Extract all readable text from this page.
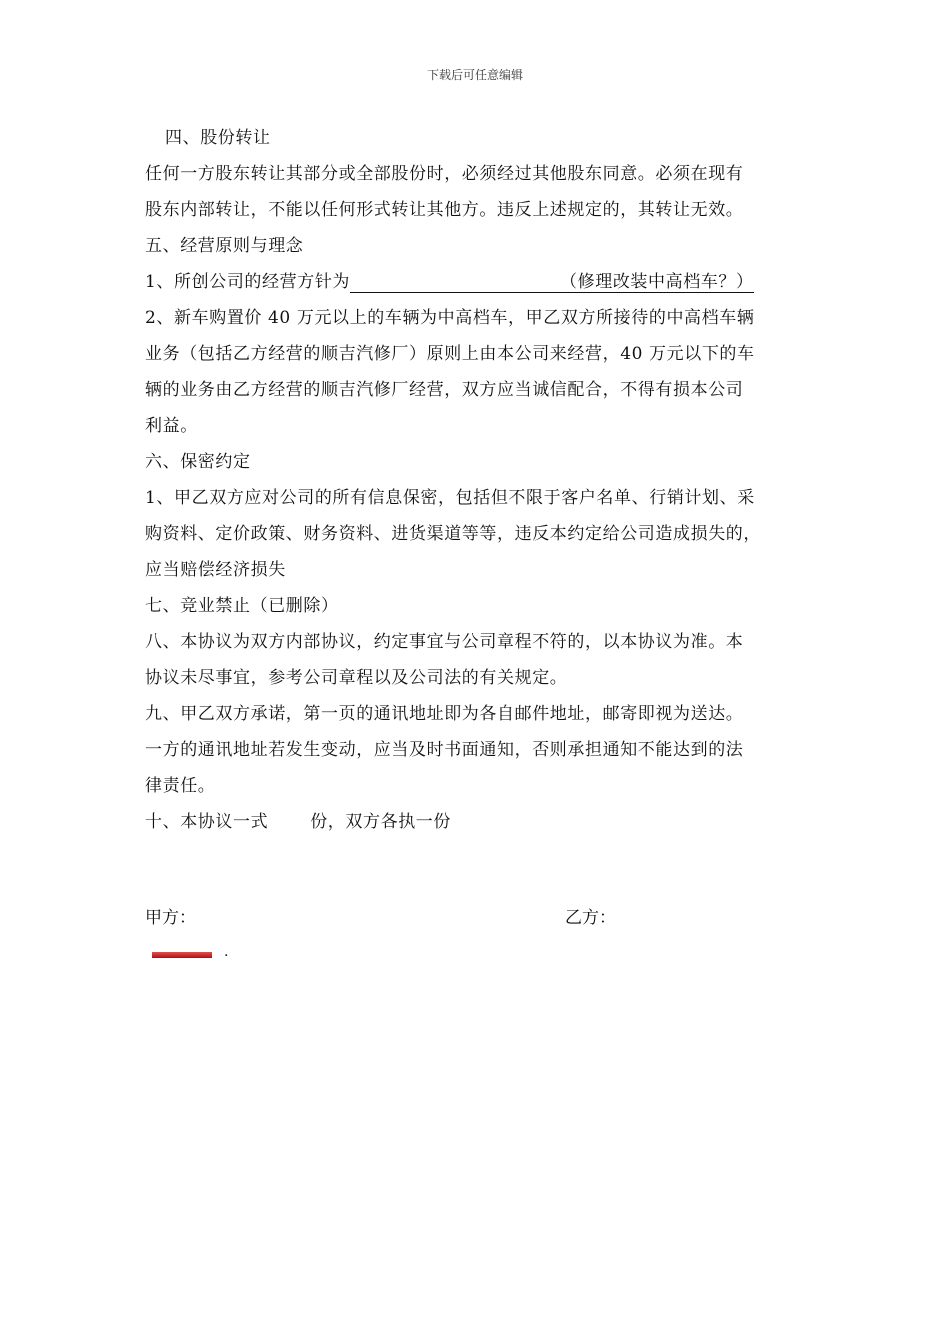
下载后可任意编辑
四、股份转让
任何一方股东转让其部分或全部股份时，必须经过其他股东同意。必须在现有
股东内部转让，不能以任何形式转让其他方。违反上述规定的，其转让无效。
五、经营原则与理念
1、所创公司的经营方针为	（修理改装中高档车？）
2、新车购置价 40 万元以上的车辆为中高档车，甲乙双方所接待的中高档车辆
业务（包括乙方经营的顺吉汽修厂）原则上由本公司来经营，40 万元以下的车
辆的业务由乙方经营的顺吉汽修厂经营，双方应当诚信配合，不得有损本公司
利益。
六、保密约定
1、甲乙双方应对公司的所有信息保密，包括但不限于客户名单、行销计划、采
购资料、定价政策、财务资料、进货渠道等等，违反本约定给公司造成损失的，
应当赔偿经济损失
七、竞业禁止（已删除）
八、本协议为双方内部协议，约定事宜与公司章程不符的，以本协议为准。本
协议未尽事宜，参考公司章程以及公司法的有关规定。
九、甲乙双方承诺，第一页的通讯地址即为各自邮件地址，邮寄即视为送达。
一方的通讯地址若发生变动，应当及时书面通知，否则承担通知不能达到的法
律责任。
十、本协议一式 份，双方各执一份
甲方：	乙方：
.
